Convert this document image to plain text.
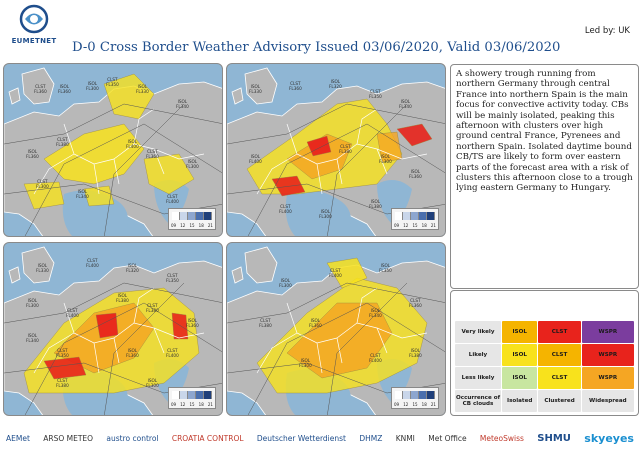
EUMETNET
Led by: UK
D-0 Cross Border Weather Advisory Issued 03/06/2020, Valid 03/06/2020
CLST
FL360
ISOL
FL360
ISOL
FL300
CLST
FL350	ISOL
FL330
ISOL
FL340
ISOL
FL360
CLST
FL380
ISOL
FL400
CLST
FL360
ISOL
FL300
CLST
FL300
ISOL
FL340	CLST
FL400
09 12 15 18 21
ISOL
FL330
CLST
FL360
ISOL
FL320
CLST
FL350
ISOL
FL340
ISOL
FL400
CLST
FL380
ISOL
FL300
ISOL
FL360
CLST
FL400	ISOL
FL300
ISOL
FL380
09 12 15 18 21
ISOL
FL330
CLST
FL400	ISOL
FL320
CLST
FL350
ISOL
FL300
CLST
FL400
ISOL
FL380
CLST
FL380
ISOL
FL360
ISOL
FL340
CLST
FL350
ISOL
FL360
CLST
FL400
CLST
FL380
ISOL
FL300
09 12 15 18 21
ISOL
FL300
CLST
FL400
ISOL
FL350
CLST
FL380
ISOL
FL360
ISOL
FL340
CLST
FL360
ISOL
FL300
CLST
FL400
ISOL
FL380
09 12 15 18 21

A showery trough running from northern Germany through central France into northern Spain is the main focus for convective activity today. CBs will be mainly isolated, peaking this afternoon with clusters over high ground central France, Pyrenees and northern Spain. Isolated daytime bound CB/TS are likely to form over eastern parts of the forecast area with a risk of clusters this afternoon close to a trough lying eastern Germany to Hungary.

Very likely	ISOL	CLST	WSPR
Likely	ISOL	CLST	WSPR
Less likely	ISOL	CLST	WSPR
Occurrence of CB clouds	Isolated	Clustered	Widespread
AEMet ARSO METEO austro control CROATIA CONTROL Deutscher Wetterdienst DHMZ KNMI Met Office MeteoSwiss SHMU skyeyes
